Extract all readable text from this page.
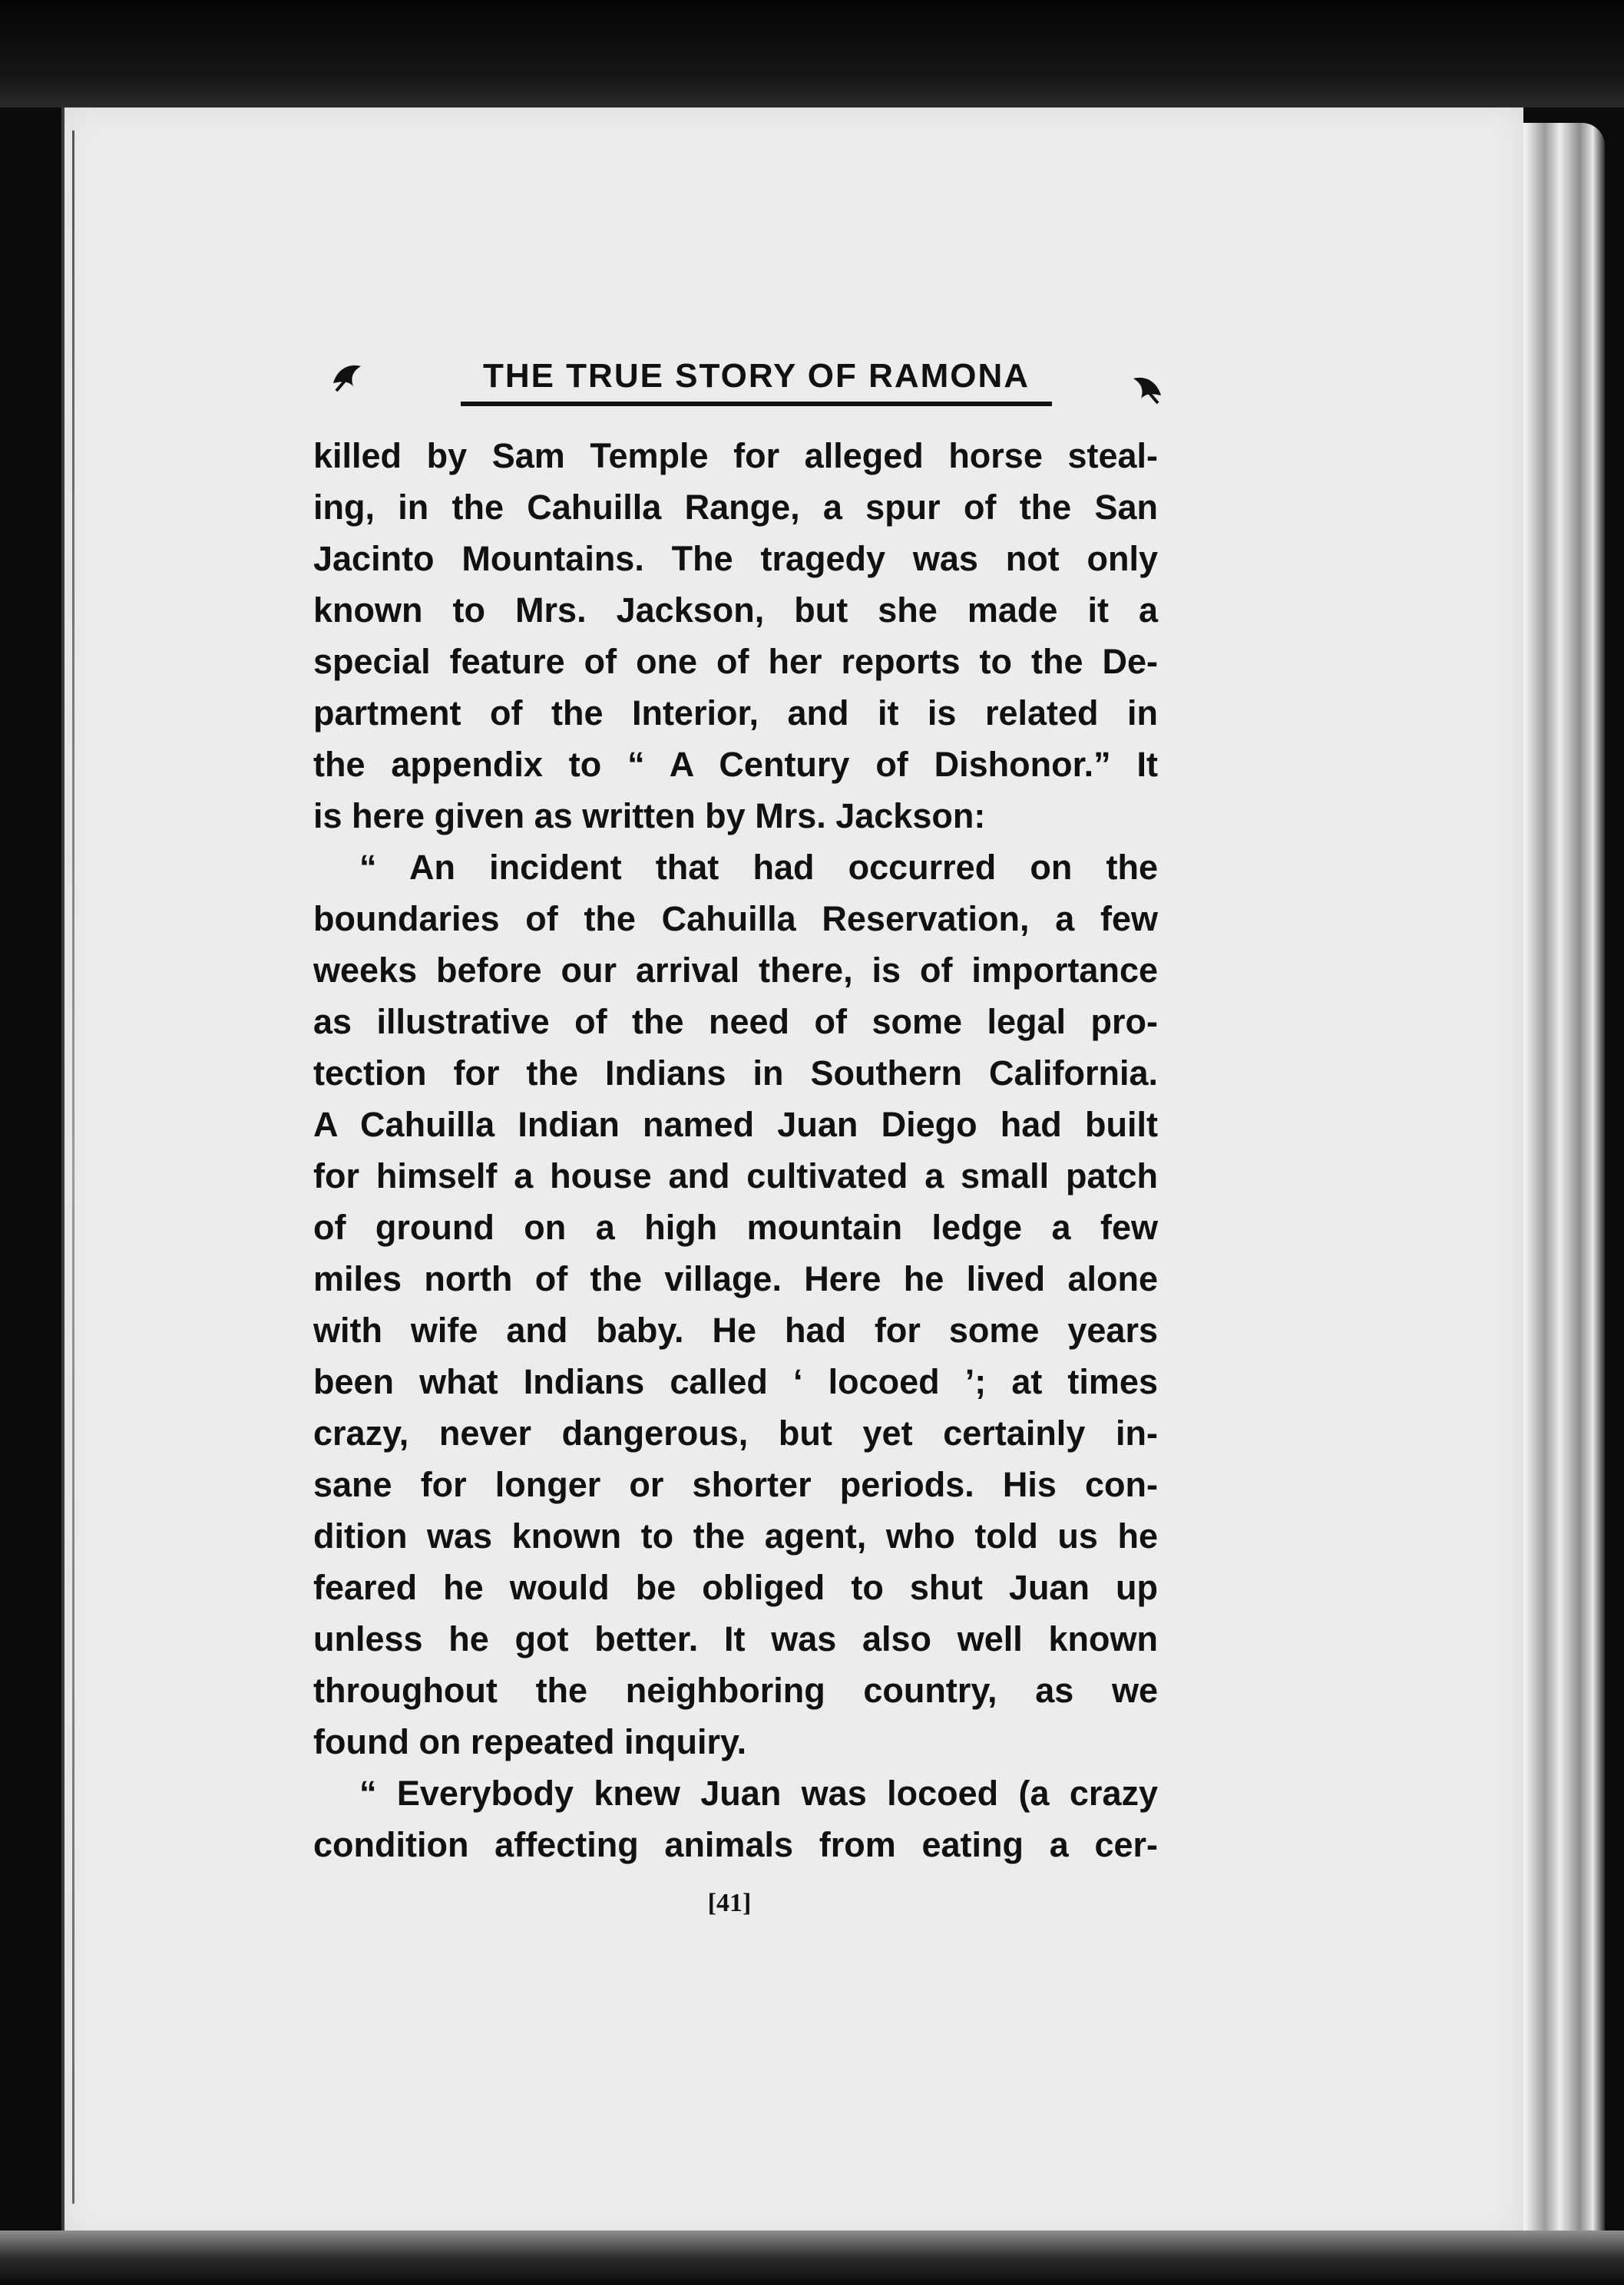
THE TRUE STORY OF RAMONA
killed by Sam Temple for alleged horse steal-
ing, in the Cahuilla Range, a spur of the San
Jacinto Mountains. The tragedy was not only
known to Mrs. Jackson, but she made it a
special feature of one of her reports to the De-
partment of the Interior, and it is related in
the appendix to “ A Century of Dishonor.” It
is here given as written by Mrs. Jackson:
“ An incident that had occurred on the
boundaries of the Cahuilla Reservation, a few
weeks before our arrival there, is of importance
as illustrative of the need of some legal pro-
tection for the Indians in Southern California.
A Cahuilla Indian named Juan Diego had built
for himself a house and cultivated a small patch
of ground on a high mountain ledge a few
miles north of the village. Here he lived alone
with wife and baby. He had for some years
been what Indians called ‘ locoed ’; at times
crazy, never dangerous, but yet certainly in-
sane for longer or shorter periods. His con-
dition was known to the agent, who told us he
feared he would be obliged to shut Juan up
unless he got better. It was also well known
throughout the neighboring country, as we
found on repeated inquiry.
“ Everybody knew Juan was locoed (a crazy
condition affecting animals from eating a cer-
[41]
